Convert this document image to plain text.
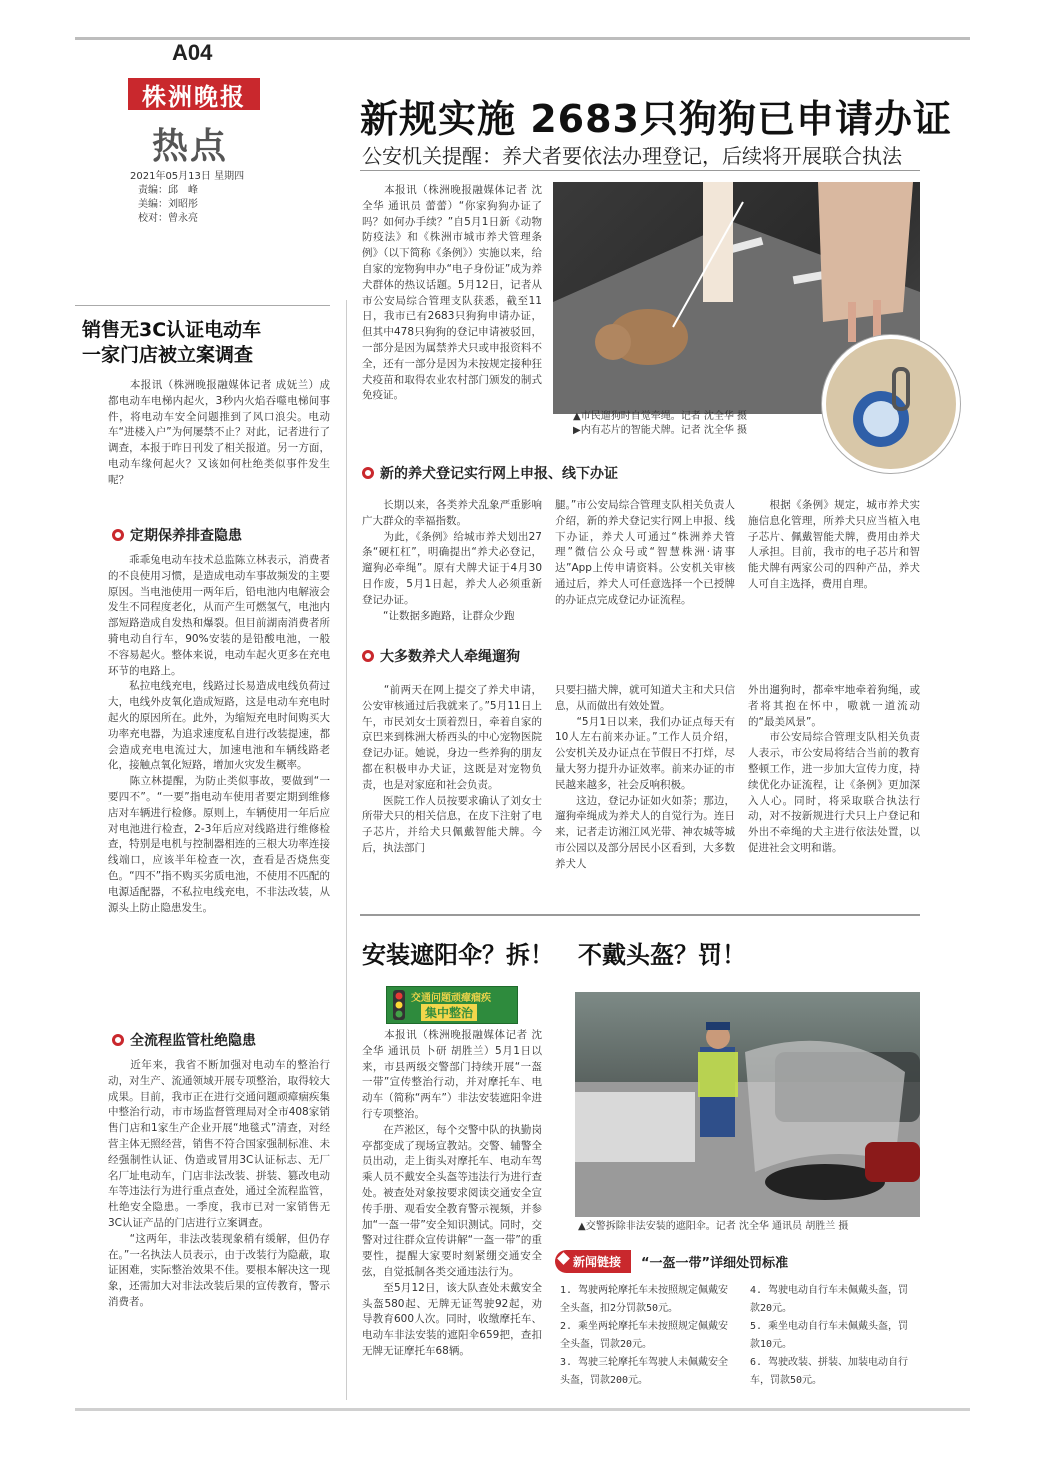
A04
株洲晚报
热点
2021年05月13日 星期四
责编：邱　峰
美编：刘昭彤
校对：曾永亮
新规实施 2683只狗狗已申请办证
公安机关提醒：养犬者要依法办理登记，后续将开展联合执法
销售无3C认证电动车
一家门店被立案调查
　　本报讯（株洲晚报融媒体记者 成妩兰）成都电动车电梯内起火，3秒内火焰吞噬电梯间事件，将电动车安全问题推到了风口浪尖。电动车“进楼入户”为何屡禁不止？对此，记者进行了调查，本报于昨日刊发了相关报道。另一方面，电动车缘何起火？又该如何杜绝类似事件发生呢？
定期保养排查隐患
　　乖乖兔电动车技术总监陈立林表示，消费者的不良使用习惯，是造成电动车事故频发的主要原因。当电池使用一两年后，铅电池内电解液会发生不同程度老化，从而产生可燃氢气，电池内部短路造成自发热和爆裂。但目前湖南消费者所骑电动自行车，90%安装的是铅酸电池，一般不容易起火。整体来说，电动车起火更多在充电环节的电路上。
　　私拉电线充电，线路过长易造成电线负荷过大，电线外皮氧化造成短路，这是电动车充电时起火的原因所在。此外，为缩短充电时间购买大功率充电器，为追求速度私自进行改装提速，都会造成充电电流过大，加速电池和车辆线路老化，接触点氧化短路，增加火灾发生概率。
　　陈立林提醒，为防止类似事故，要做到“一要四不”。“一要”指电动车使用者要定期到维修店对车辆进行检修。原则上，车辆使用一年后应对电池进行检查，2-3年后应对线路进行维修检查，特别是电机与控制器相连的三根大功率连接线端口，应该半年检查一次，查看是否烧焦变色。“四不”指不购买劣质电池，不使用不匹配的电源适配器，不私拉电线充电，不非法改装，从源头上防止隐患发生。
全流程监管杜绝隐患
　　近年来，我省不断加强对电动车的整治行动，对生产、流通领域开展专项整治，取得较大成果。目前，我市正在进行交通问题顽瘴痼疾集中整治行动，市市场监督管理局对全市408家销售门店和1家生产企业开展“地毯式”清查，对经营主体无照经营，销售不符合国家强制标准、未经强制性认证、伪造或冒用3C认证标志、无厂名厂址电动车，门店非法改装、拼装、篡改电动车等违法行为进行重点查处，通过全流程监管，杜绝安全隐患。一季度，我市已对一家销售无3C认证产品的门店进行立案调查。
　　“这两年，非法改装现象稍有缓解，但仍存在。”一名执法人员表示，由于改装行为隐蔽，取证困难，实际整治效果不佳。要根本解决这一现象，还需加大对非法改装后果的宣传教育，警示消费者。
　　本报讯（株洲晚报融媒体记者 沈全华 通讯员 蕾蕾）“你家狗狗办证了吗？如何办手续？”自5月1日新《动物防疫法》和《株洲市城市养犬管理条例》（以下简称《条例》）实施以来，给自家的宠物狗申办“电子身份证”成为养犬群体的热议话题。5月12日，记者从市公安局综合管理支队获悉，截至11日，我市已有2683只狗狗申请办证，但其中478只狗狗的登记申请被驳回，一部分是因为属禁养犬只或申报资料不全，还有一部分是因为未按规定接种狂犬疫苗和取得农业农村部门颁发的制式免疫证。
▲市民遛狗时自觉牵绳。记者 沈全华 摄
▶内有芯片的智能犬牌。记者 沈全华 摄
新的养犬登记实行网上申报、线下办证
　　长期以来，各类养犬乱象严重影响广大群众的幸福指数。
　　为此，《条例》给城市养犬划出27条“硬杠杠”，明确提出“养犬必登记，遛狗必牵绳”。原有犬牌犬证于4月30日作废，5月1日起，养犬人必须重新登记办证。
　　“让数据多跑路，让群众少跑
腿。”市公安局综合管理支队相关负责人介绍，新的养犬登记实行网上申报、线下办证，养犬人可通过“株洲养犬管理”微信公众号或“智慧株洲·请事达”App上传申请资料。公安机关审核通过后，养犬人可任意选择一个已授牌的办证点完成登记办证流程。
　　根据《条例》规定，城市养犬实施信息化管理，所养犬只应当植入电子芯片、佩戴智能犬牌，费用由养犬人承担。目前，我市的电子芯片和智能犬牌有两家公司的四种产品，养犬人可自主选择，费用自理。
大多数养犬人牵绳遛狗
　　“前两天在网上提交了养犬申请，公安审核通过后我就来了。”5月11日上午，市民刘女士顶着烈日，牵着自家的京巴来到株洲大桥西头的中心宠物医院登记办证。她说，身边一些养狗的朋友都在积极申办犬证，这既是对宠物负责，也是对家庭和社会负责。
　　医院工作人员按要求确认了刘女士所带犬只的相关信息，在皮下注射了电子芯片，并给犬只佩戴智能犬牌。今后，执法部门
只要扫描犬牌，就可知道犬主和犬只信息，从而做出有效处置。
　　“5月1日以来，我们办证点每天有10人左右前来办证。”工作人员介绍，公安机关及办证点在节假日不打烊，尽量大努力提升办证效率。前来办证的市民越来越多，社会反响积极。
　　这边，登记办证如火如荼；那边，遛狗牵绳成为养犬人的自觉行为。连日来，记者走访湘江风光带、神农城等城市公园以及部分居民小区看到，大多数养犬人
外出遛狗时，都牵牢地牵着狗绳，或者将其抱在怀中，嗷就一道流动的“最美风景”。
　　市公安局综合管理支队相关负责人表示，市公安局将结合当前的教育整顿工作，进一步加大宣传力度，持续优化办证流程，让《条例》更加深入人心。同时，将采取联合执法行动，对不按新规进行犬只上户登记和外出不牵绳的犬主进行依法处置，以促进社会文明和谐。
安装遮阳伞？拆！　不戴头盔？罚！
交通问题顽瘴痼疾
集中整治
　　本报讯（株洲晚报融媒体记者 沈全华 通讯员 卜研 胡胜兰）5月1日以来，市县两级交警部门持续开展“一盔一带”宣传整治行动，并对摩托车、电动车（简称“两车”）非法安装遮阳伞进行专项整治。
　　在芦淞区，每个交警中队的执勤岗亭都变成了现场宣教站。交警、辅警全员出动，走上街头对摩托车、电动车驾乘人员不戴安全头盔等违法行为进行查处。被查处对象按要求阅读交通安全宣传手册、观看安全教育警示视频，并参加“一盔一带”安全知识测试。同时，交警对过往群众宣传讲解“一盔一带”的重要性，提醒大家要时刻紧绷交通安全弦，自觉抵制各类交通违法行为。
　　至5月12日，该大队查处未戴安全头盔580起、无牌无证驾驶92起，劝导教育600人次。同时，收缴摩托车、电动车非法安装的遮阳伞659把，查扣无牌无证摩托车68辆。
▲交警拆除非法安装的遮阳伞。记者 沈全华 通讯员 胡胜兰 摄
新闻链接	“一盔一带”详细处罚标准
1. 驾驶两轮摩托车未按照规定佩戴安全头盔，扣2分罚款50元。
2. 乘坐两轮摩托车未按照规定佩戴安全头盔，罚款20元。
3. 驾驶三轮摩托车驾驶人未佩戴安全头盔，罚款200元。
4. 驾驶电动自行车未佩戴头盔，罚款20元。
5. 乘坐电动自行车未佩戴头盔，罚款10元。
6. 驾驶改装、拼装、加装电动自行车，罚款50元。
